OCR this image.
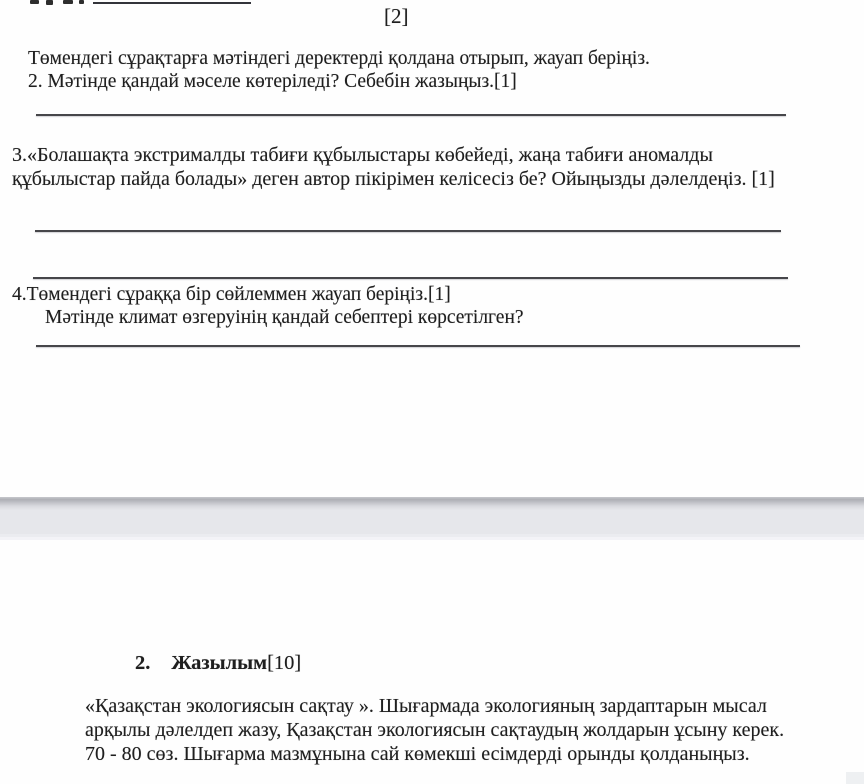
[2]
Төмендегі сұрақтарға мәтіндегі деректерді қолдана отырып, жауап беріңіз.
2. Мәтінде қандай мәселе көтеріледі? Себебін жазыңыз.[1]
3.«Болашақта экстрималды табиғи құбылыстары көбейеді, жаңа табиғи аномалды
құбылыстар пайда болады» деген автор пікірімен келісесіз бе? Ойыңызды дәлелдеңіз. [1]
4.Төмендегі сұраққа бір сөйлеммен жауап беріңіз.[1]
Мәтінде климат өзгеруінің қандай себептері көрсетілген?
2. Жазылым[10]
«Қазақстан экологиясын сақтау ». Шығармада экологияның зардаптарын мысал
арқылы дәлелдеп жазу, Қазақстан экологиясын сақтаудың жолдарын ұсыну керек.
70 - 80 сөз. Шығарма мазмұнына сай көмекші есімдерді орынды қолданыңыз.
